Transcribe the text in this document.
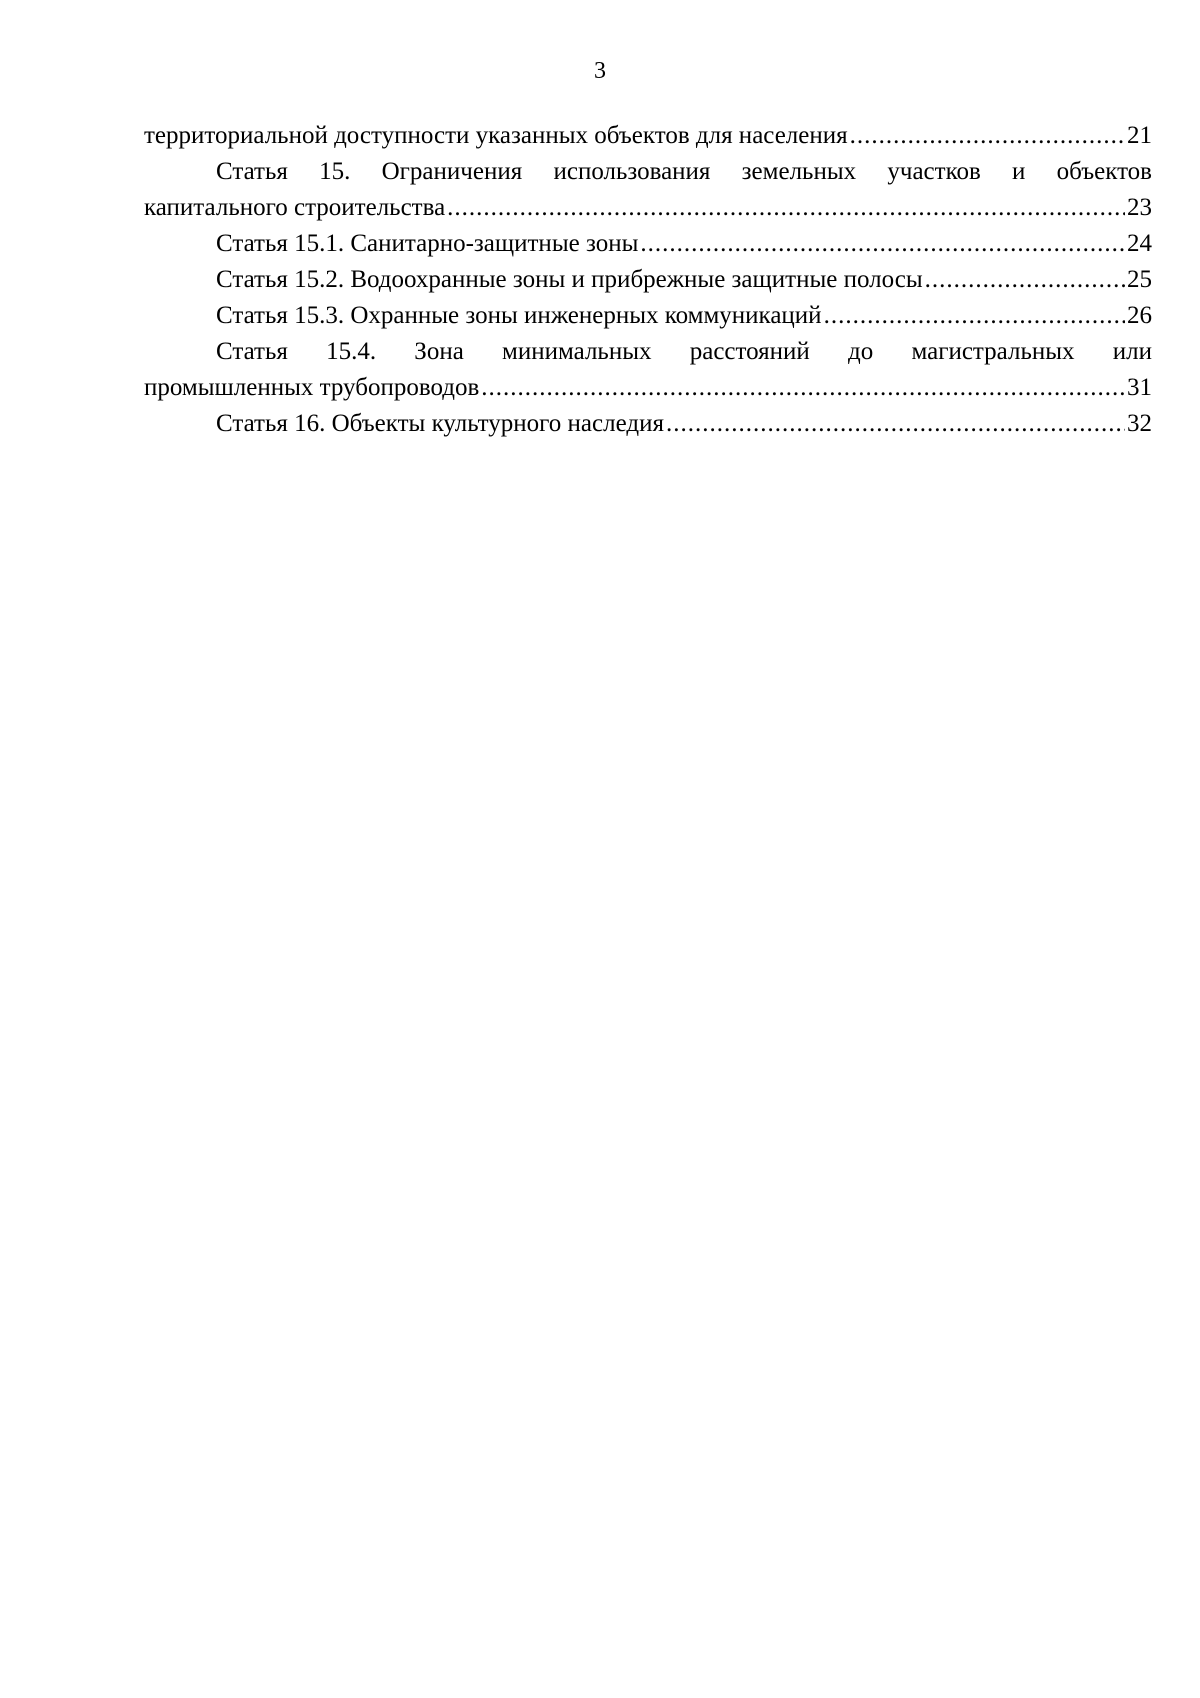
3
территориальной доступности указанных объектов для населения .....	21
Статья 15. Ограничения использования земельных участков и объектов
капитального строительства .....	23
Статья 15.1. Санитарно-защитные зоны .....	24
Статья 15.2. Водоохранные зоны и прибрежные защитные полосы .....	25
Статья 15.3. Охранные зоны инженерных коммуникаций .....	26
Статья 15.4. Зона минимальных расстояний до магистральных или
промышленных трубопроводов .....	31
Статья 16. Объекты культурного наследия .....	32
